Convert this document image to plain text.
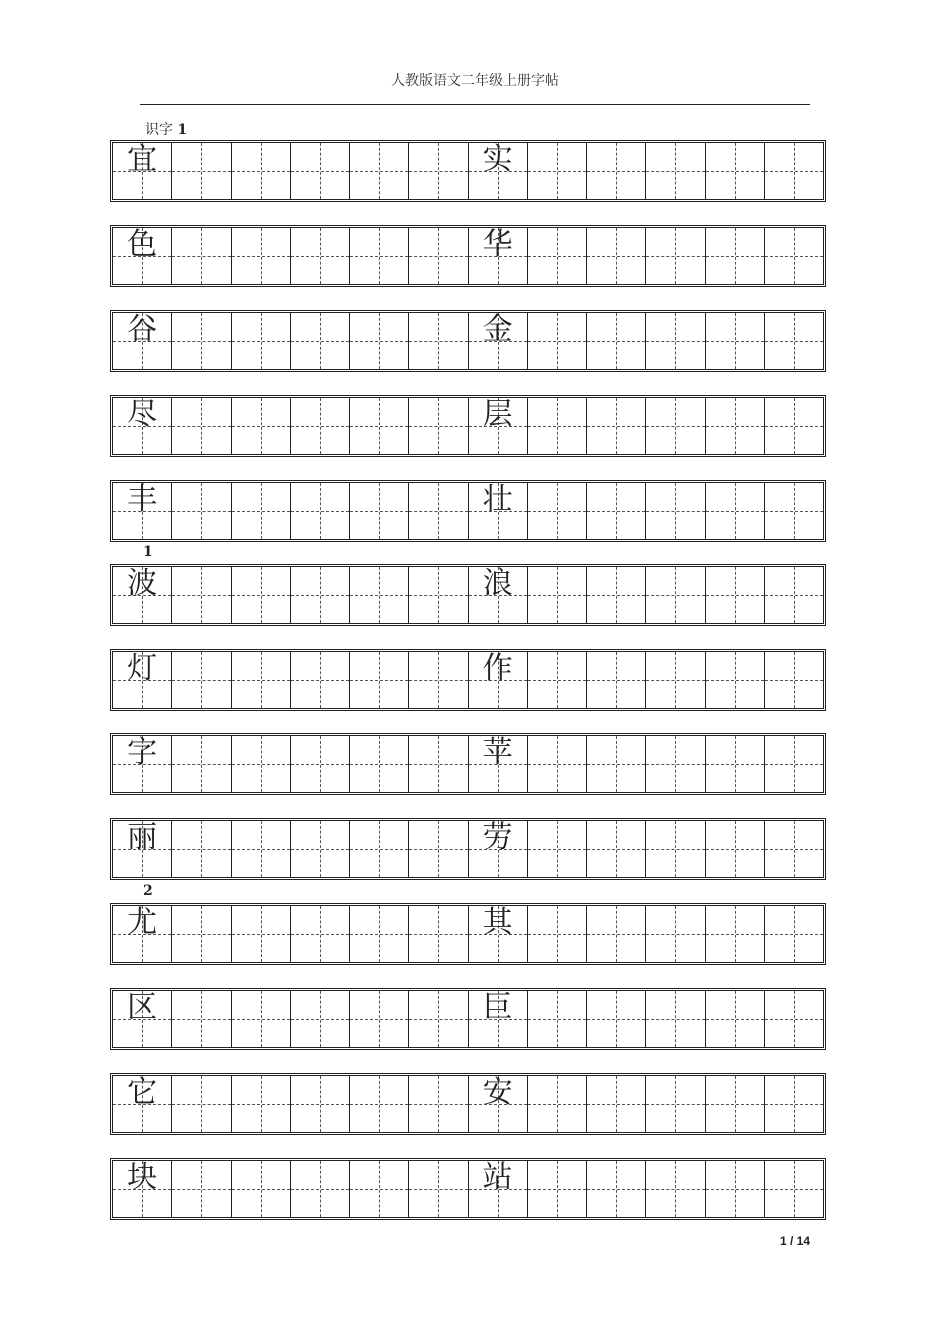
人教版语文二年级上册字帖
识字 1
1
2
宜	实
色	华
谷	金
尽	层
丰	壮
波	浪
灯	作
字	苹
丽	劳
尤	其
区	巨
它	安
块	站
1 / 14
